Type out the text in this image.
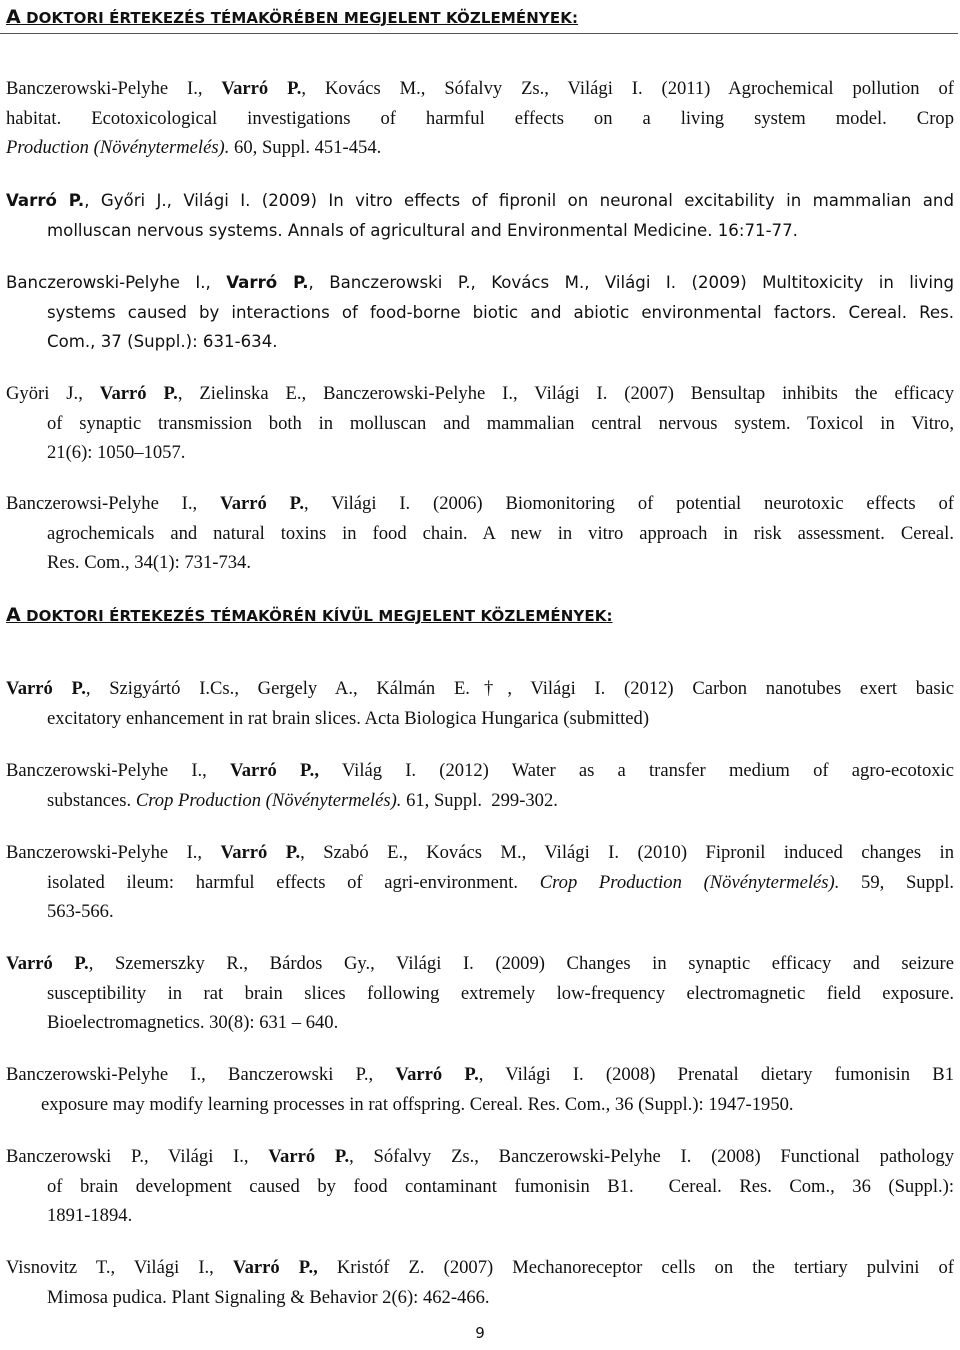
A DOKTORI ÉRTEKEZÉS TÉMAKÖRÉBEN MEGJELENT KÖZLEMÉNYEK:
Banczerowski-Pelyhe I., Varró P., Kovács M., Sófalvy Zs., Világi I. (2011) Agrochemical pollution of
habitat. Ecotoxicological investigations of harmful effects on a living system model. Crop
Production (Növénytermelés). 60, Suppl. 451-454.
Varró P., Győri J., Világi I. (2009) In vitro effects of fipronil on neuronal excitability in mammalian and
molluscan nervous systems. Annals of agricultural and Environmental Medicine. 16:71-77.
Banczerowski-Pelyhe I., Varró P., Banczerowski P., Kovács M., Világi I. (2009) Multitoxicity in living
systems caused by interactions of food-borne biotic and abiotic environmental factors. Cereal. Res.
Com., 37 (Suppl.): 631-634.
Györi J., Varró P., Zielinska E., Banczerowski-Pelyhe I., Világi I. (2007) Bensultap inhibits the efficacy
of synaptic transmission both in molluscan and mammalian central nervous system. Toxicol in Vitro,
21(6): 1050–1057.
Banczerowsi-Pelyhe I., Varró P., Világi I. (2006) Biomonitoring of potential neurotoxic effects of
agrochemicals and natural toxins in food chain. A new in vitro approach in risk assessment. Cereal.
Res. Com., 34(1): 731-734.
A DOKTORI ÉRTEKEZÉS TÉMAKÖRÉN KÍVÜL MEGJELENT KÖZLEMÉNYEK:
Varró P., Szigyártó I.Cs., Gergely A., Kálmán E.†, Világi I. (2012) Carbon nanotubes exert basic
excitatory enhancement in rat brain slices. Acta Biologica Hungarica (submitted)
Banczerowski-Pelyhe I., Varró P., Világ I. (2012) Water as a transfer medium of agro-ecotoxic
substances. Crop Production (Növénytermelés). 61, Suppl.  299-302.
Banczerowski-Pelyhe I., Varró P., Szabó E., Kovács M., Világi I. (2010) Fipronil induced changes in
isolated ileum: harmful effects of agri-environment. Crop Production (Növénytermelés). 59, Suppl.
563-566.
Varró P., Szemerszky R., Bárdos Gy., Világi I. (2009) Changes in synaptic efficacy and seizure
susceptibility in rat brain slices following extremely low-frequency electromagnetic field exposure.
Bioelectromagnetics. 30(8): 631 – 640.
Banczerowski-Pelyhe I., Banczerowski P., Varró P., Világi I. (2008) Prenatal dietary fumonisin B1
exposure may modify learning processes in rat offspring. Cereal. Res. Com., 36 (Suppl.): 1947-1950.
Banczerowski P., Világi I., Varró P., Sófalvy Zs., Banczerowski-Pelyhe I. (2008) Functional pathology
of brain development caused by food contaminant fumonisin B1.  Cereal. Res. Com., 36 (Suppl.):
1891-1894.
Visnovitz T., Világi I., Varró P., Kristóf Z. (2007) Mechanoreceptor cells on the tertiary pulvini of
Mimosa pudica. Plant Signaling & Behavior 2(6): 462-466.
9
